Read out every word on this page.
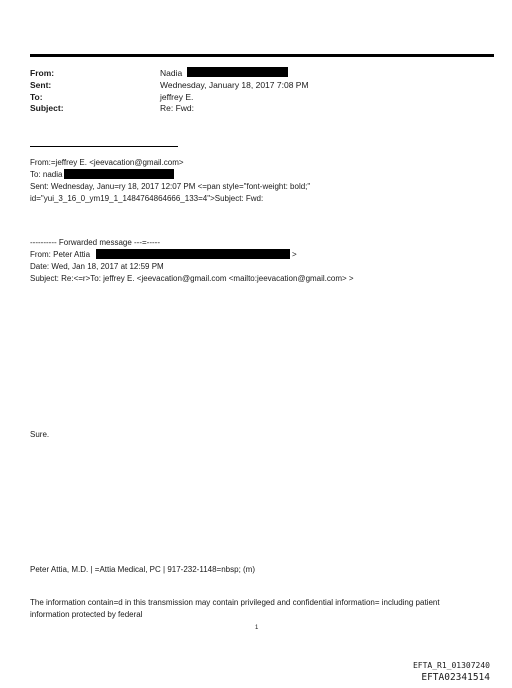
From:	Nadia
Sent:	Wednesday, January 18, 2017 7:08 PM
To:	jeffrey E.
Subject:	Re: Fwd:
From:=jeffrey E. <jeevacation@gmail.com>
To: nadia
Sent: Wednesday, Janu=ry 18, 2017 12:07 PM <=pan style="font-weight: bold;"
id="yui_3_16_0_ym19_1_1484764864666_133=4">Subject: Fwd:
---------- Forwarded message ---=-----
From: Peter Attia	>
Date: Wed, Jan 18, 2017 at 12:59 PM
Subject: Re:<=r>To: jeffrey E. <jeevacation@gmail.com <mailto:jeevacation@gmail.com> >
Sure.
Peter Attia, M.D. | =Attia Medical, PC | 917-232-1148=nbsp; (m)
The information contain=d in this transmission may contain privileged and confidential information= including patient
information protected by federal
1
EFTA_R1_01307240
EFTA02341514
